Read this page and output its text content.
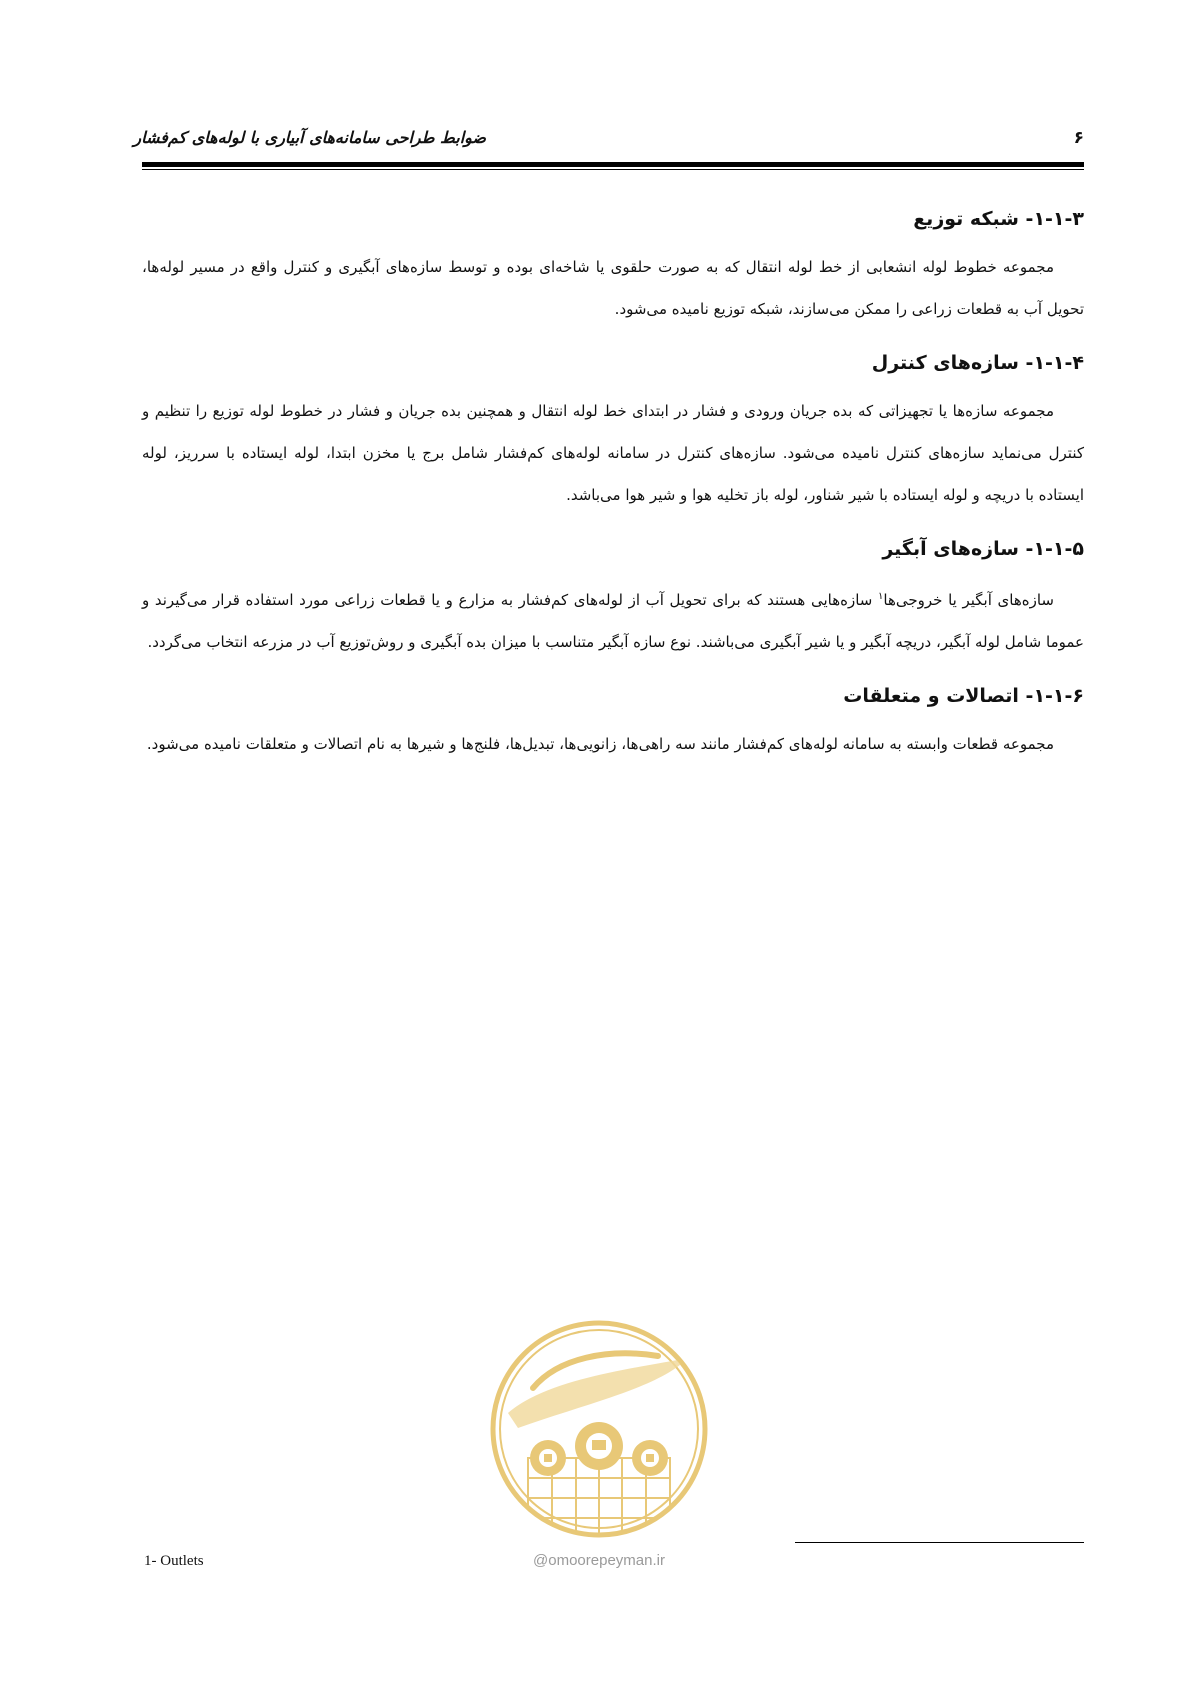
ضوابط طراحی سامانه‌های آبیاری با لوله‌های کم‌فشار	۶
۱-۱-۳- شبکه توزیع

مجموعه خطوط لوله انشعابی از خط لوله انتقال که به صورت حلقوی یا شاخه‌ای بوده و توسط سازه‌های آبگیری و کنترل واقع در مسیر لوله‌ها، تحویل آب به قطعات زراعی را ممکن می‌سازند، شبکه توزیع نامیده می‌شود.

۱-۱-۴- سازه‌های کنترل

مجموعه سازه‌ها یا تجهیزاتی که بده جریان ورودی و فشار در ابتدای خط لوله انتقال و همچنین بده جریان و فشار در خطوط لوله توزیع را تنظیم و کنترل می‌نماید سازه‌های کنترل نامیده می‌شود. سازه‌های کنترل در سامانه لوله‌های کم‌فشار شامل برج یا مخزن ابتدا، لوله ایستاده با سرریز، لوله ایستاده با دریچه و لوله ایستاده با شیر شناور، لوله باز تخلیه هوا و شیر هوا می‌باشد.

۱-۱-۵- سازه‌های آبگیر

سازه‌های آبگیر یا خروجی‌ها$^۱$ سازه‌هایی هستند که برای تحویل آب از لوله‌های کم‌فشار به مزارع و یا قطعات زراعی مورد استفاده قرار می‌گیرند و عموما شامل لوله آبگیر، دریچه آبگیر و یا شیر آبگیری می‌باشند. نوع سازه آبگیر متناسب با میزان بده آبگیری و روش‌توزیع آب در مزرعه انتخاب می‌گردد.

۱-۱-۶- اتصالات و متعلقات

مجموعه قطعات وابسته به سامانه لوله‌های کم‌فشار مانند سه راهی‌ها، زانویی‌ها، تبدیل‌ها، فلنج‌ها و شیرها به نام اتصالات و متعلقات نامیده می‌شود.

@omoorepeyman.ir
1- Outlets
